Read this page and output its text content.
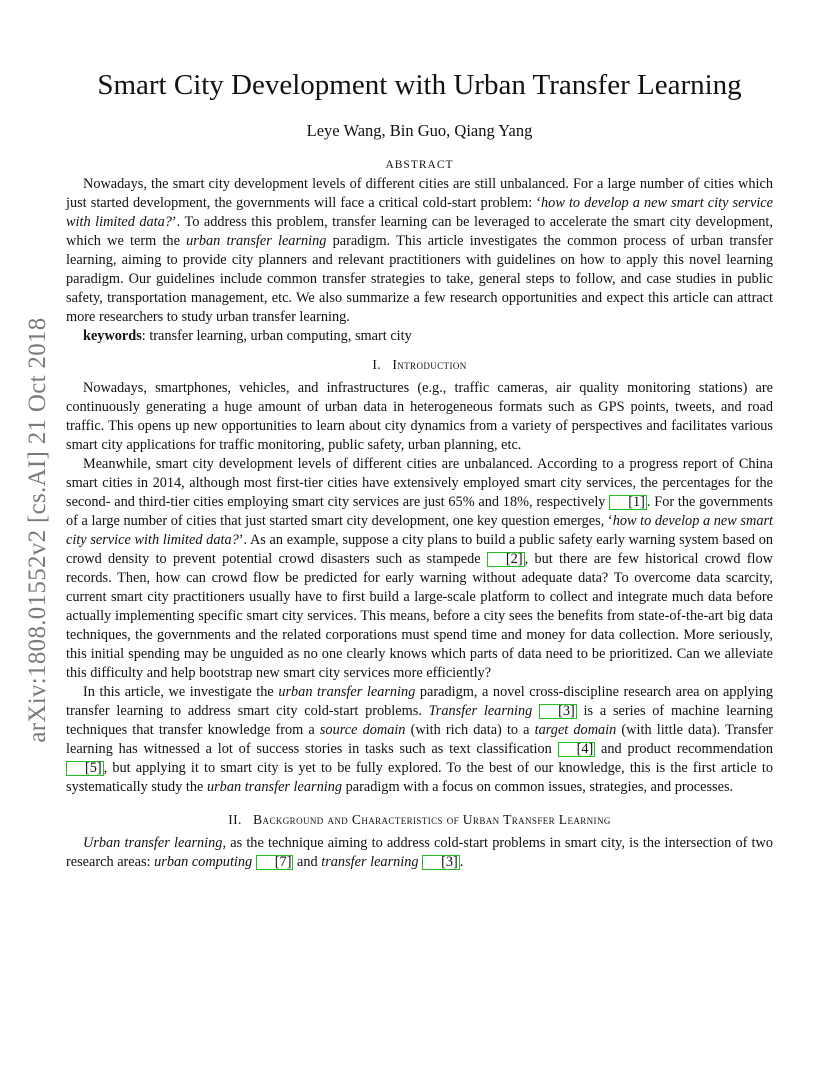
arXiv:1808.01552v2 [cs.AI] 21 Oct 2018
Smart City Development with Urban Transfer Learning
Leye Wang, Bin Guo, Qiang Yang
ABSTRACT

Nowadays, the smart city development levels of different cities are still unbalanced. For a large number of cities which just started development, the governments will face a critical cold-start problem: ‘how to develop a new smart city service with limited data?’. To address this problem, transfer learning can be leveraged to accelerate the smart city development, which we term the urban transfer learning paradigm. This article investigates the common process of urban transfer learning, aiming to provide city planners and relevant practitioners with guidelines on how to apply this novel learning paradigm. Our guidelines include common transfer strategies to take, general steps to follow, and case studies in public safety, transportation management, etc. We also summarize a few research opportunities and expect this article can attract more researchers to study urban transfer learning.

keywords: transfer learning, urban computing, smart city

I. Introduction

Nowadays, smartphones, vehicles, and infrastructures (e.g., traffic cameras, air quality monitoring stations) are continuously generating a huge amount of urban data in heterogeneous formats such as GPS points, tweets, and road traffic. This opens up new opportunities to learn about city dynamics from a variety of perspectives and facilitates various smart city applications for traffic monitoring, public safety, urban planning, etc.

Meanwhile, smart city development levels of different cities are unbalanced. According to a progress report of China smart cities in 2014, although most first-tier cities have extensively employed smart city services, the percentages for the second- and third-tier cities employing smart city services are just 65% and 18%, respectively [1] . For the governments of a large number of cities that just started smart city development, one key question emerges, ‘how to develop a new smart city service with limited data?’. As an example, suppose a city plans to build a public safety early warning system based on crowd density to prevent potential crowd disasters such as stampede [2] , but there are few historical crowd flow records. Then, how can crowd flow be predicted for early warning without adequate data? To overcome data scarcity, current smart city practitioners usually have to first build a large-scale platform to collect and integrate much data before actually implementing specific smart city services. This means, before a city sees the benefits from state-of-the-art big data techniques, the governments and the related corporations must spend time and money for data collection. More seriously, this initial spending may be unguided as no one clearly knows which parts of data need to be prioritized. Can we alleviate this difficulty and help bootstrap new smart city services more efficiently?

In this article, we investigate the urban transfer learning paradigm, a novel cross-discipline research area on applying transfer learning to address smart city cold-start problems. Transfer learning [3] is a series of machine learning techniques that transfer knowledge from a source domain (with rich data) to a target domain (with little data). Transfer learning has witnessed a lot of success stories in tasks such as text classification [4] and product recommendation [5] , but applying it to smart city is yet to be fully explored. To the best of our knowledge, this is the first article to systematically study the urban transfer learning paradigm with a focus on common issues, strategies, and processes.

II. Background and Characteristics of Urban Transfer Learning

Urban transfer learning, as the technique aiming to address cold-start problems in smart city, is the intersection of two research areas: urban computing [7] and transfer learning [3] .
